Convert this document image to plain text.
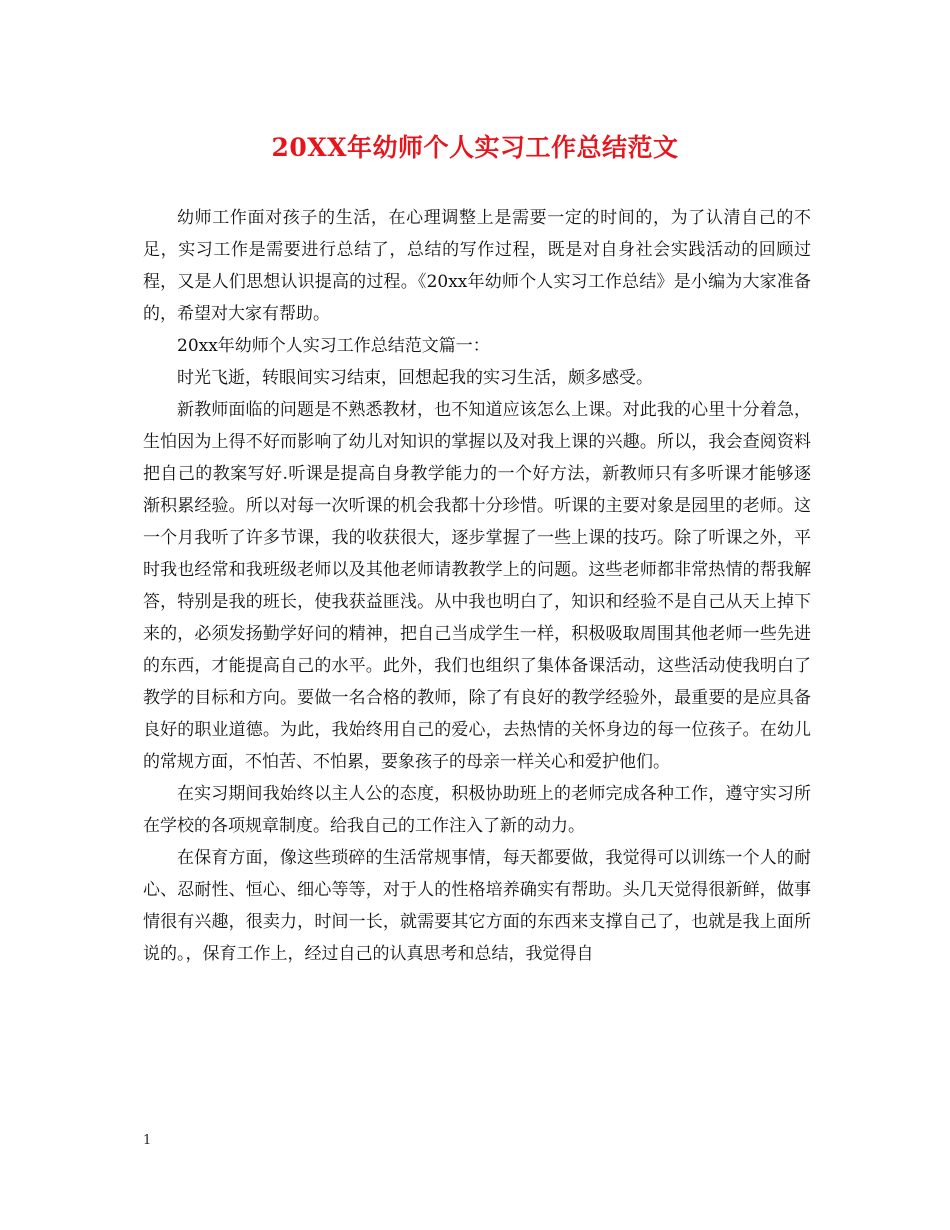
20XX年幼师个人实习工作总结范文

幼师工作面对孩子的生活，在心理调整上是需要一定的时间的，为了认清自己的不足，实习工作是需要进行总结了，总结的写作过程，既是对自身社会实践活动的回顾过程，又是人们思想认识提高的过程。《20xx年幼师个人实习工作总结》是小编为大家准备的，希望对大家有帮助。

20xx年幼师个人实习工作总结范文篇一：

时光飞逝，转眼间实习结束，回想起我的实习生活，颇多感受。

新教师面临的问题是不熟悉教材，也不知道应该怎么上课。对此我的心里十分着急，生怕因为上得不好而影响了幼儿对知识的掌握以及对我上课的兴趣。所以，我会查阅资料把自己的教案写好.听课是提高自身教学能力的一个好方法，新教师只有多听课才能够逐渐积累经验。所以对每一次听课的机会我都十分珍惜。听课的主要对象是园里的老师。这一个月我听了许多节课，我的收获很大，逐步掌握了一些上课的技巧。除了听课之外，平时我也经常和我班级老师以及其他老师请教教学上的问题。这些老师都非常热情的帮我解答，特别是我的班长，使我获益匪浅。从中我也明白了，知识和经验不是自己从天上掉下来的，必须发扬勤学好问的精神，把自己当成学生一样，积极吸取周围其他老师一些先进的东西，才能提高自己的水平。此外，我们也组织了集体备课活动，这些活动使我明白了教学的目标和方向。要做一名合格的教师，除了有良好的教学经验外，最重要的是应具备良好的职业道德。为此，我始终用自己的爱心，去热情的关怀身边的每一位孩子。在幼儿的常规方面，不怕苦、不怕累，要象孩子的母亲一样关心和爱护他们。

在实习期间我始终以主人公的态度，积极协助班上的老师完成各种工作，遵守实习所在学校的各项规章制度。给我自己的工作注入了新的动力。

在保育方面，像这些琐碎的生活常规事情，每天都要做，我觉得可以训练一个人的耐心、忍耐性、恒心、细心等等，对于人的性格培养确实有帮助。头几天觉得很新鲜，做事情很有兴趣，很卖力，时间一长，就需要其它方面的东西来支撑自己了，也就是我上面所说的。，保育工作上，经过自己的认真思考和总结，我觉得自

1
